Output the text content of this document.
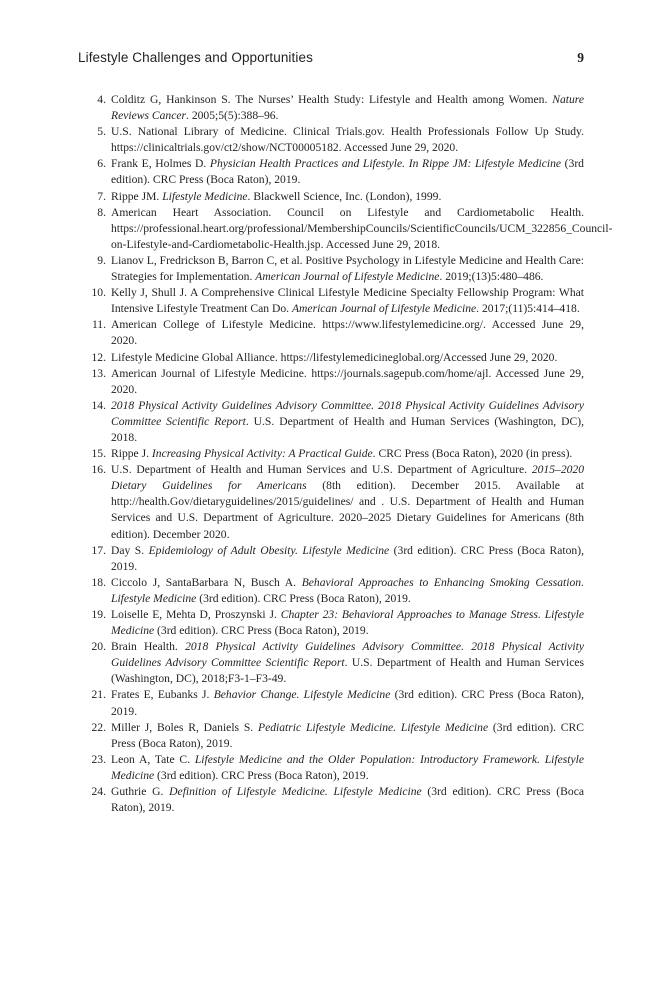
Lifestyle Challenges and Opportunities	9
4. Colditz G, Hankinson S. The Nurses’ Health Study: Lifestyle and Health among Women. Nature Reviews Cancer. 2005;5(5):388–96.
5. U.S. National Library of Medicine. Clinical Trials.gov. Health Professionals Follow Up Study. https://clinicaltrials.gov/ct2/show/NCT00005182. Accessed June 29, 2020.
6. Frank E, Holmes D. Physician Health Practices and Lifestyle. In Rippe JM: Lifestyle Medicine (3rd edition). CRC Press (Boca Raton), 2019.
7. Rippe JM. Lifestyle Medicine. Blackwell Science, Inc. (London), 1999.
8. American Heart Association. Council on Lifestyle and Cardiometabolic Health. https://professional.heart.org/professional/MembershipCouncils/ScientificCouncils/UCM_322856_Council-on-Lifestyle-and-Cardiometabolic-Health.jsp. Accessed June 29, 2018.
9. Lianov L, Fredrickson B, Barron C, et al. Positive Psychology in Lifestyle Medicine and Health Care: Strategies for Implementation. American Journal of Lifestyle Medicine. 2019;(13)5:480–486.
10. Kelly J, Shull J. A Comprehensive Clinical Lifestyle Medicine Specialty Fellowship Program: What Intensive Lifestyle Treatment Can Do. American Journal of Lifestyle Medicine. 2017;(11)5:414–418.
11. American College of Lifestyle Medicine. https://www.lifestylemedicine.org/. Accessed June 29, 2020.
12. Lifestyle Medicine Global Alliance. https://lifestylemedicineglobal.org/Accessed June 29, 2020.
13. American Journal of Lifestyle Medicine. https://journals.sagepub.com/home/ajl. Accessed June 29, 2020.
14. 2018 Physical Activity Guidelines Advisory Committee. 2018 Physical Activity Guidelines Advisory Committee Scientific Report. U.S. Department of Health and Human Services (Washington, DC), 2018.
15. Rippe J. Increasing Physical Activity: A Practical Guide. CRC Press (Boca Raton), 2020 (in press).
16. U.S. Department of Health and Human Services and U.S. Department of Agriculture. 2015–2020 Dietary Guidelines for Americans (8th edition). December 2015. Available at http://health.Gov/dietaryguidelines/2015/guidelines/ and . U.S. Department of Health and Human Services and U.S. Department of Agriculture. 2020–2025 Dietary Guidelines for Americans (8th edition). December 2020.
17. Day S. Epidemiology of Adult Obesity. Lifestyle Medicine (3rd edition). CRC Press (Boca Raton), 2019.
18. Ciccolo J, SantaBarbara N, Busch A. Behavioral Approaches to Enhancing Smoking Cessation. Lifestyle Medicine (3rd edition). CRC Press (Boca Raton), 2019.
19. Loiselle E, Mehta D, Proszynski J. Chapter 23: Behavioral Approaches to Manage Stress. Lifestyle Medicine (3rd edition). CRC Press (Boca Raton), 2019.
20. Brain Health. 2018 Physical Activity Guidelines Advisory Committee. 2018 Physical Activity Guidelines Advisory Committee Scientific Report. U.S. Department of Health and Human Services (Washington, DC), 2018;F3-1–F3-49.
21. Frates E, Eubanks J. Behavior Change. Lifestyle Medicine (3rd edition). CRC Press (Boca Raton), 2019.
22. Miller J, Boles R, Daniels S. Pediatric Lifestyle Medicine. Lifestyle Medicine (3rd edition). CRC Press (Boca Raton), 2019.
23. Leon A, Tate C. Lifestyle Medicine and the Older Population: Introductory Framework. Lifestyle Medicine (3rd edition). CRC Press (Boca Raton), 2019.
24. Guthrie G. Definition of Lifestyle Medicine. Lifestyle Medicine (3rd edition). CRC Press (Boca Raton), 2019.
